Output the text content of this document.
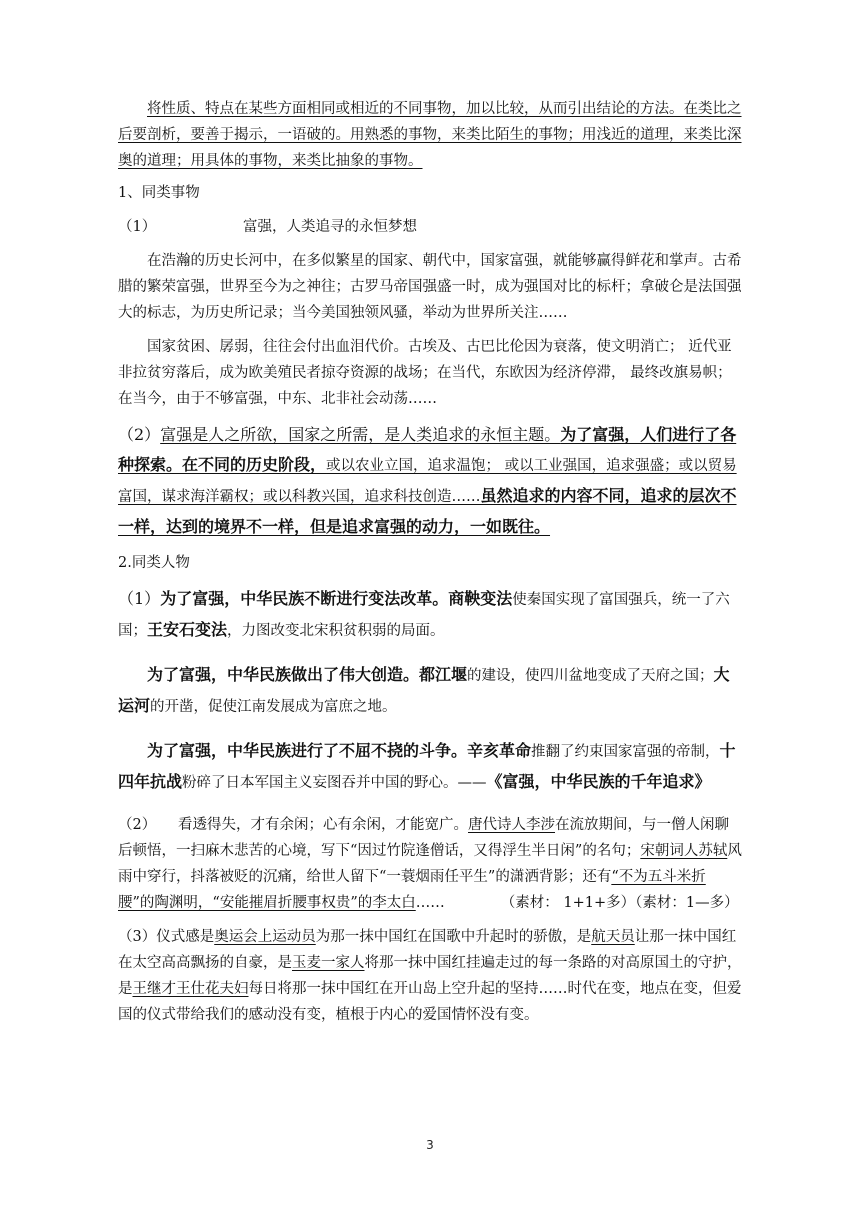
将性质、特点在某些方面相同或相近的不同事物，加以比较，从而引出结论的方法。在类比之后要剖析，要善于揭示，一语破的。用熟悉的事物，来类比陌生的事物；用浅近的道理，来类比深奥的道理；用具体的事物，来类比抽象的事物。

1、同类事物

（1）	富强，人类追寻的永恒梦想

在浩瀚的历史长河中，在多似繁星的国家、朝代中，国家富强，就能够赢得鲜花和掌声。古希腊的繁荣富强，世界至今为之神往；古罗马帝国强盛一时，成为强国对比的标杆；拿破仑是法国强大的标志，为历史所记录；当今美国独领风骚，举动为世界所关注……

国家贫困、孱弱，往往会付出血泪代价。古埃及、古巴比伦因为衰落，使文明消亡； 近代亚非拉贫穷落后，成为欧美殖民者掠夺资源的战场；在当代，东欧因为经济停滞， 最终改旗易帜；在当今，由于不够富强，中东、北非社会动荡……

（2）富强是人之所欲，国家之所需，是人类追求的永恒主题。为了富强，人们进行了各种探索。在不同的历史阶段，或以农业立国，追求温饱； 或以工业强国，追求强盛；或以贸易富国，谋求海洋霸权；或以科教兴国，追求科技创造……虽然追求的内容不同，追求的层次不一样，达到的境界不一样，但是追求富强的动力，一如既往。

2.同类人物

（1）为了富强，中华民族不断进行变法改革。商鞅变法使秦国实现了富国强兵，统一了六国；王安石变法，力图改变北宋积贫积弱的局面。

为了富强，中华民族做出了伟大创造。都江堰的建设，使四川盆地变成了天府之国；大运河的开凿，促使江南发展成为富庶之地。

为了富强，中华民族进行了不屈不挠的斗争。辛亥革命推翻了约束国家富强的帝制，十四年抗战粉碎了日本军国主义妄图吞并中国的野心。——《富强，中华民族的千年追求》

（2） 看透得失，才有余闲；心有余闲，才能宽广。唐代诗人李涉在流放期间，与一僧人闲聊后顿悟，一扫麻木悲苦的心境，写下“因过竹院逢僧话，又得浮生半日闲”的名句；宋朝词人苏轼风雨中穿行，抖落被贬的沉痛，给世人留下“一蓑烟雨任平生”的潇洒背影；还有“不为五斗米折腰”的陶渊明，“安能摧眉折腰事权贵”的李太白……	（素材： 1+1+多）（素材：1—多）

（3）仪式感是奥运会上运动员为那一抹中国红在国歌中升起时的骄傲，是航天员让那一抹中国红在太空高高飘扬的自豪，是玉麦一家人将那一抹中国红挂遍走过的每一条路的对高原国土的守护，是王继才王仕花夫妇每日将那一抹中国红在开山岛上空升起的坚持……时代在变，地点在变，但爱国的仪式带给我们的感动没有变，植根于内心的爱国情怀没有变。

3
